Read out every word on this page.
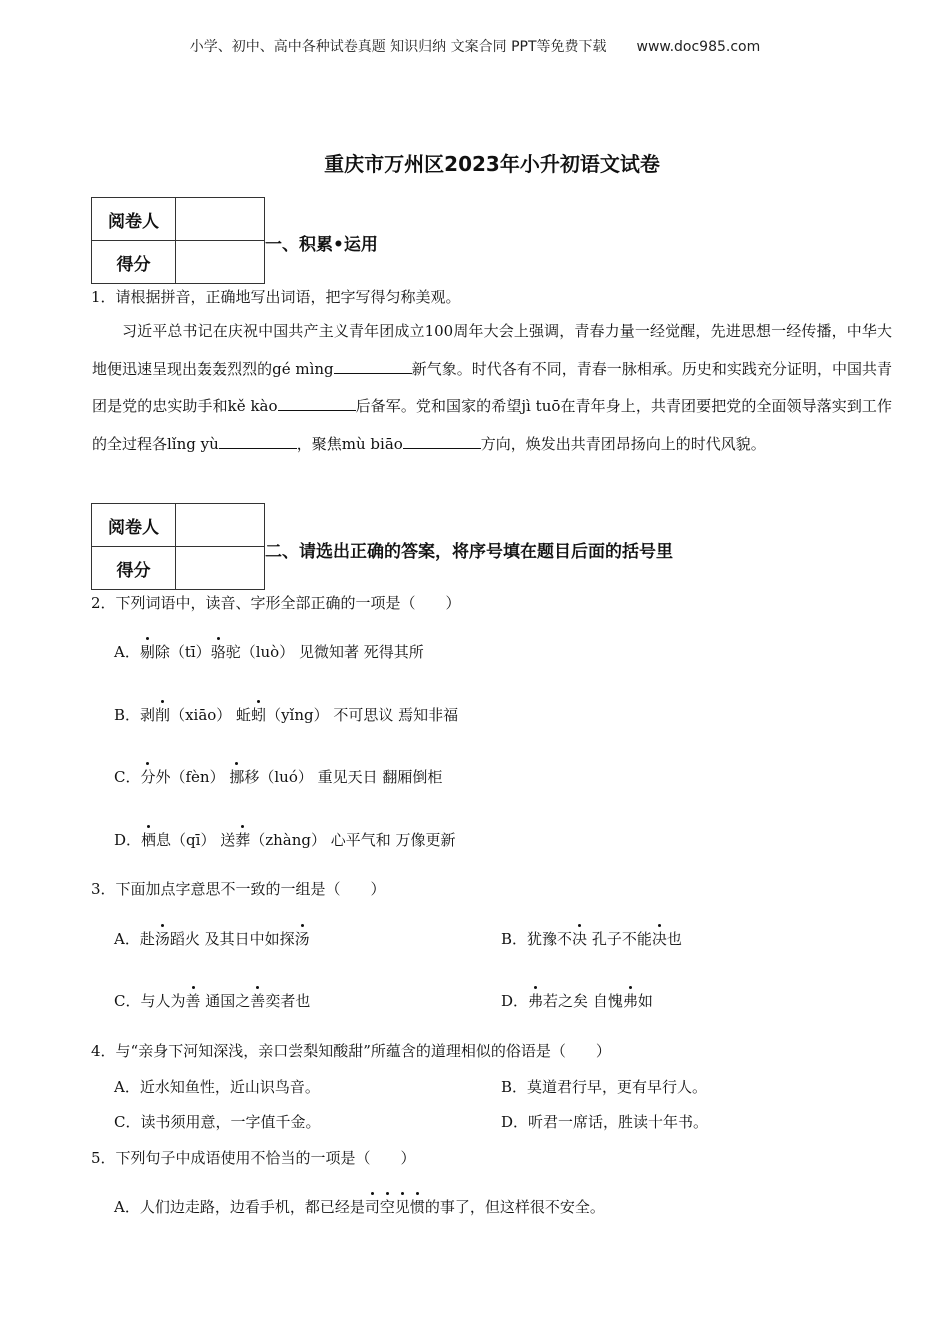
小学、初中、高中各种试卷真题 知识归纳 文案合同 PPT等免费下载 www.doc985.com
重庆市万州区2023年小升初语文试卷
阅卷人	
得分	
一、积累•运用
1．请根据拼音，正确地写出词语，把字写得匀称美观。
习近平总书记在庆祝中国共产主义青年团成立100周年大会上强调，青春力量一经觉醒，先进思想一经传播，中华大地便迅速呈现出轰轰烈烈的gé mìng	新气象。时代各有不同，青春一脉相承。历史和实践充分证明，中国共青团是党的忠实助手和kě kào	后备军。党和国家的希望jì tuō在青年身上，共青团要把党的全面领导落实到工作的全过程各lǐng yù	，聚焦mù biāo	方向，焕发出共青团昂扬向上的时代风貌。
阅卷人	
得分	
二、请选出正确的答案，将序号填在题目后面的括号里
2．下列词语中，读音、字形全部正确的一项是（　　）
A．剔除（tī）骆驼（luò） 见微知著 死得其所
B．剥削（xiāo） 蚯蚓（yǐng） 不可思议 焉知非福
C．分外（fèn） 挪移（luó） 重见天日 翻厢倒柜
D．栖息（qī） 送葬（zhàng） 心平气和 万像更新
3．下面加点字意思不一致的一组是（　　）
A．赴汤蹈火 及其日中如探汤	B．犹豫不决 孔子不能决也
C．与人为善 通国之善奕者也	D．弗若之矣 自愧弗如
4．与“亲身下河知深浅，亲口尝梨知酸甜”所蕴含的道理相似的俗语是（　　）
A．近水知鱼性，近山识鸟音。	B．莫道君行早，更有早行人。
C．读书须用意，一字值千金。	D．听君一席话，胜读十年书。
5．下列句子中成语使用不恰当的一项是（　　）
A．人们边走路，边看手机，都已经是司空见惯的事了，但这样很不安全。
